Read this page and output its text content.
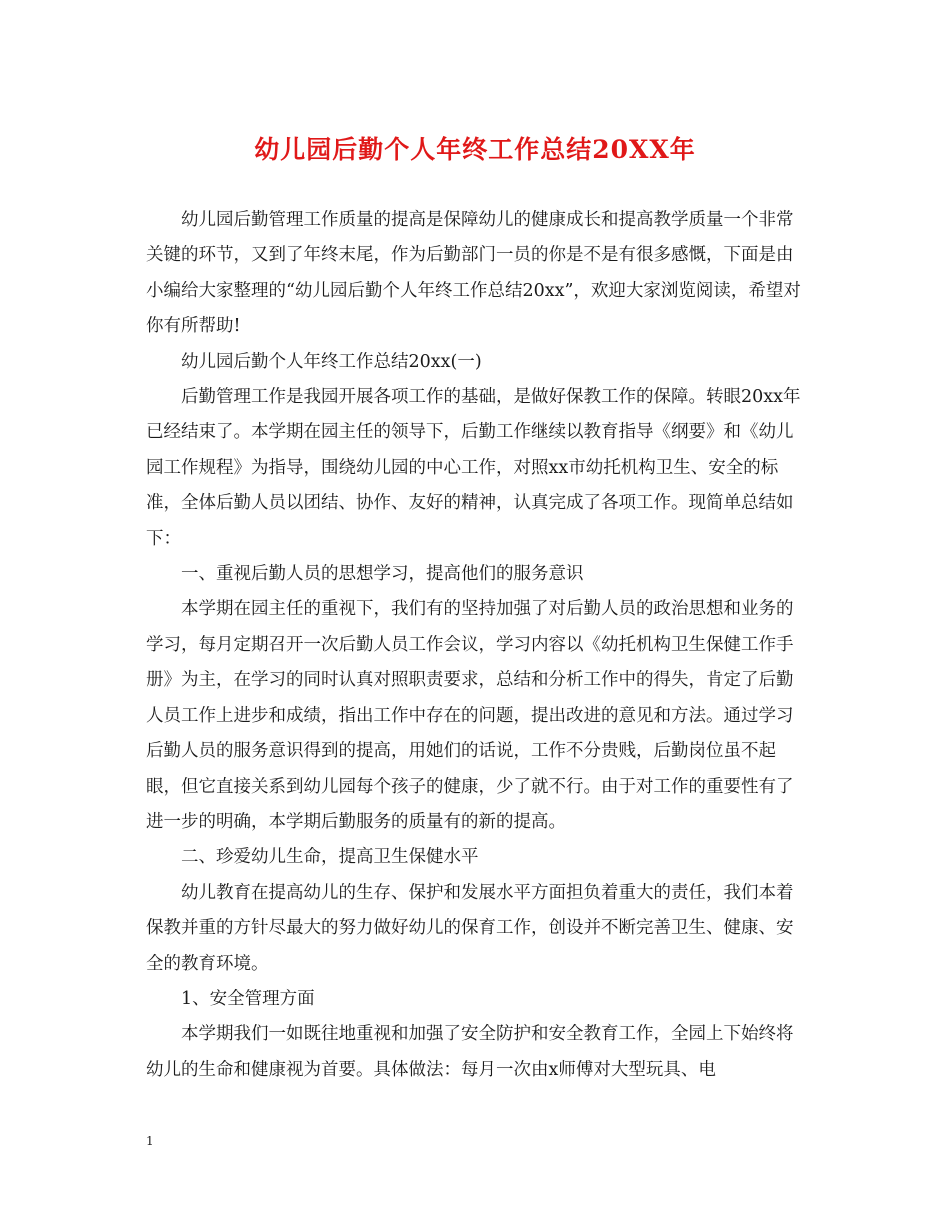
幼儿园后勤个人年终工作总结20XX年

幼儿园后勤管理工作质量的提高是保障幼儿的健康成长和提高教学质量一个非常关键的环节，又到了年终末尾，作为后勤部门一员的你是不是有很多感慨，下面是由小编给大家整理的“幼儿园后勤个人年终工作总结20xx”，欢迎大家浏览阅读，希望对你有所帮助!

幼儿园后勤个人年终工作总结20xx(一)

后勤管理工作是我园开展各项工作的基础，是做好保教工作的保障。转眼20xx年已经结束了。本学期在园主任的领导下，后勤工作继续以教育指导《纲要》和《幼儿园工作规程》为指导，围绕幼儿园的中心工作，对照xx市幼托机构卫生、安全的标准，全体后勤人员以团结、协作、友好的精神，认真完成了各项工作。现简单总结如下：

一、重视后勤人员的思想学习，提高他们的服务意识

本学期在园主任的重视下，我们有的坚持加强了对后勤人员的政治思想和业务的学习，每月定期召开一次后勤人员工作会议，学习内容以《幼托机构卫生保健工作手册》为主，在学习的同时认真对照职责要求，总结和分析工作中的得失，肯定了后勤人员工作上进步和成绩，指出工作中存在的问题，提出改进的意见和方法。通过学习后勤人员的服务意识得到的提高，用她们的话说，工作不分贵贱，后勤岗位虽不起眼，但它直接关系到幼儿园每个孩子的健康，少了就不行。由于对工作的重要性有了进一步的明确，本学期后勤服务的质量有的新的提高。

二、珍爱幼儿生命，提高卫生保健水平

幼儿教育在提高幼儿的生存、保护和发展水平方面担负着重大的责任，我们本着保教并重的方针尽最大的努力做好幼儿的保育工作，创设并不断完善卫生、健康、安全的教育环境。

1、安全管理方面

本学期我们一如既往地重视和加强了安全防护和安全教育工作，全园上下始终将幼儿的生命和健康视为首要。具体做法：每月一次由x师傅对大型玩具、电

1
